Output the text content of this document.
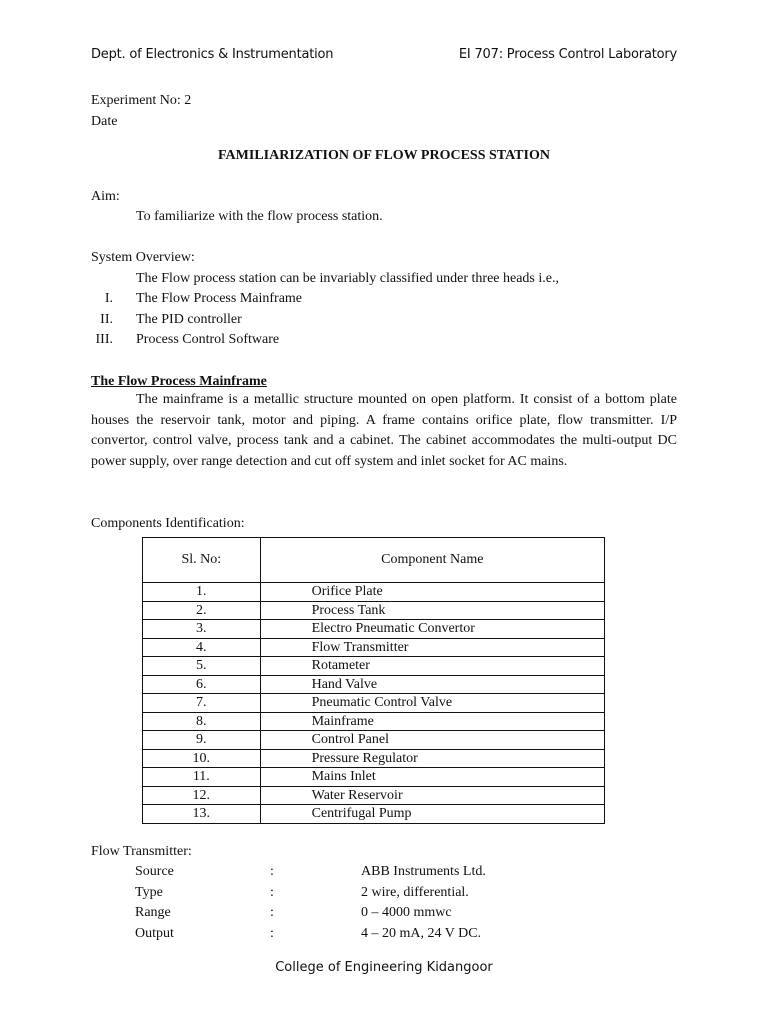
Dept. of Electronics & Instrumentation	EI 707: Process Control Laboratory
Experiment No: 2
Date
FAMILIARIZATION OF FLOW PROCESS STATION
Aim:
To familiarize with the flow process station.
System Overview:
The Flow process station can be invariably classified under three heads i.e.,
I. The Flow Process Mainframe
II. The PID controller
III. Process Control Software
The Flow Process Mainframe
The mainframe is a metallic structure mounted on open platform. It consist of a bottom plate houses the reservoir tank, motor and piping. A frame contains orifice plate, flow transmitter. I/P convertor, control valve, process tank and a cabinet. The cabinet accommodates the multi-output DC power supply, over range detection and cut off system and inlet socket for AC mains.
Components Identification:
Sl. No:	Component Name
1.	Orifice Plate
2.	Process Tank
3.	Electro Pneumatic Convertor
4.	Flow Transmitter
5.	Rotameter
6.	Hand Valve
7.	Pneumatic Control Valve
8.	Mainframe
9.	Control Panel
10.	Pressure Regulator
11.	Mains Inlet
12.	Water Reservoir
13.	Centrifugal Pump
Flow Transmitter:
Source	:	ABB Instruments Ltd.
Type	:	2 wire, differential.
Range	:	0 – 4000 mmwc
Output	:	4 – 20 mA, 24 V DC.
College of Engineering Kidangoor
